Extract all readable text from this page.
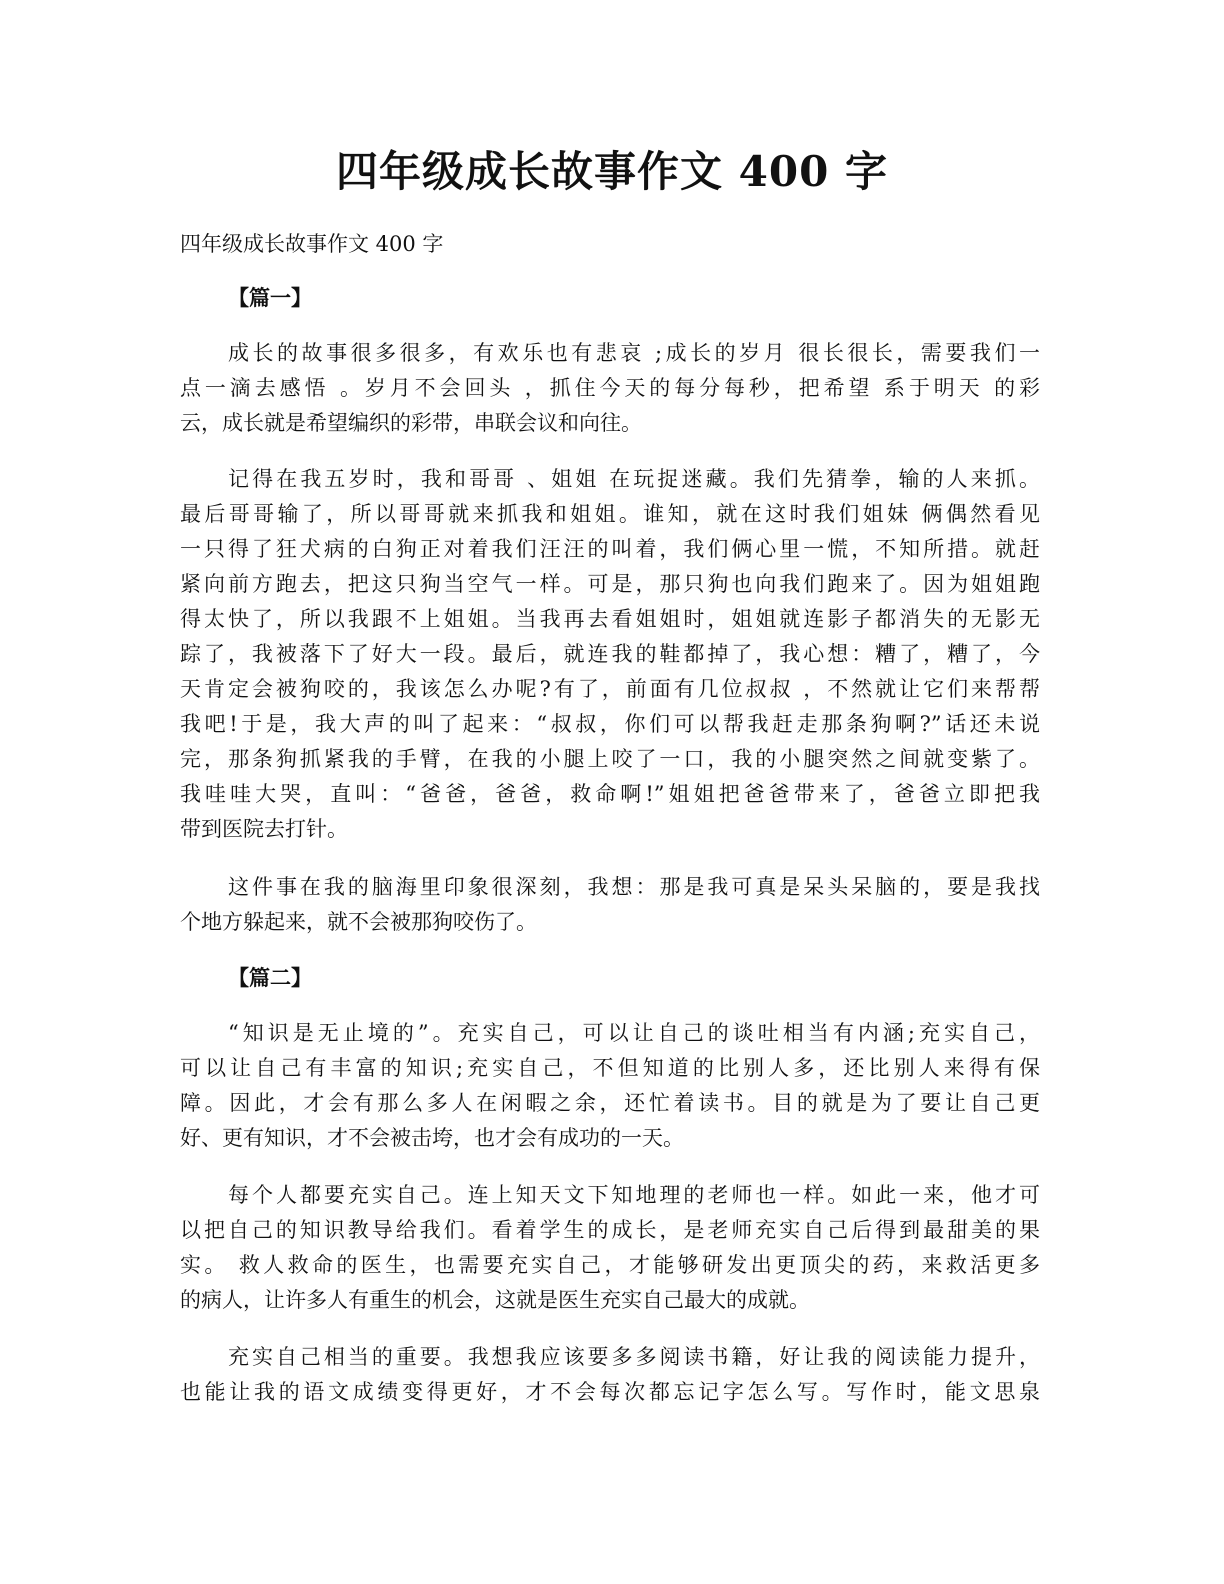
四年级成长故事作文 400 字
四年级成长故事作文 400 字
【篇一】
成长的故事很多很多，有欢乐也有悲哀 ;成长的岁月 很长很长，需要我们一
点一滴去感悟 。岁月不会回头 ，抓住今天的每分每秒，把希望 系于明天 的彩
云，成长就是希望编织的彩带，串联会议和向往。
记得在我五岁时，我和哥哥 、姐姐 在玩捉迷藏。我们先猜拳，输的人来抓。
最后哥哥输了，所以哥哥就来抓我和姐姐。谁知，就在这时我们姐妹 俩偶然看见
一只得了狂犬病的白狗正对着我们汪汪的叫着，我们俩心里一慌，不知所措。就赶
紧向前方跑去，把这只狗当空气一样。可是，那只狗也向我们跑来了。因为姐姐跑
得太快了，所以我跟不上姐姐。当我再去看姐姐时，姐姐就连影子都消失的无影无
踪了，我被落下了好大一段。最后，就连我的鞋都掉了，我心想：糟了，糟了，今
天肯定会被狗咬的，我该怎么办呢?有了，前面有几位叔叔 ，不然就让它们来帮帮
我吧!于是，我大声的叫了起来：“叔叔，你们可以帮我赶走那条狗啊?”话还未说
完，那条狗抓紧我的手臂，在我的小腿上咬了一口，我的小腿突然之间就变紫了。
我哇哇大哭，直叫：“爸爸，爸爸，救命啊!”姐姐把爸爸带来了，爸爸立即把我
带到医院去打针。
这件事在我的脑海里印象很深刻，我想：那是我可真是呆头呆脑的，要是我找
个地方躲起来，就不会被那狗咬伤了。
【篇二】
“知识是无止境的”。充实自己，可以让自己的谈吐相当有内涵;充实自己，
可以让自己有丰富的知识;充实自己，不但知道的比别人多，还比别人来得有保
障。因此，才会有那么多人在闲暇之余，还忙着读书。目的就是为了要让自己更
好、更有知识，才不会被击垮，也才会有成功的一天。
每个人都要充实自己。连上知天文下知地理的老师也一样。如此一来，他才可
以把自己的知识教导给我们。看着学生的成长，是老师充实自己后得到最甜美的果
实。 救人救命的医生，也需要充实自己，才能够研发出更顶尖的药，来救活更多
的病人，让许多人有重生的机会，这就是医生充实自己最大的成就。
充实自己相当的重要。我想我应该要多多阅读书籍，好让我的阅读能力提升，
也能让我的语文成绩变得更好，才不会每次都忘记字怎么写。写作时，能文思泉
